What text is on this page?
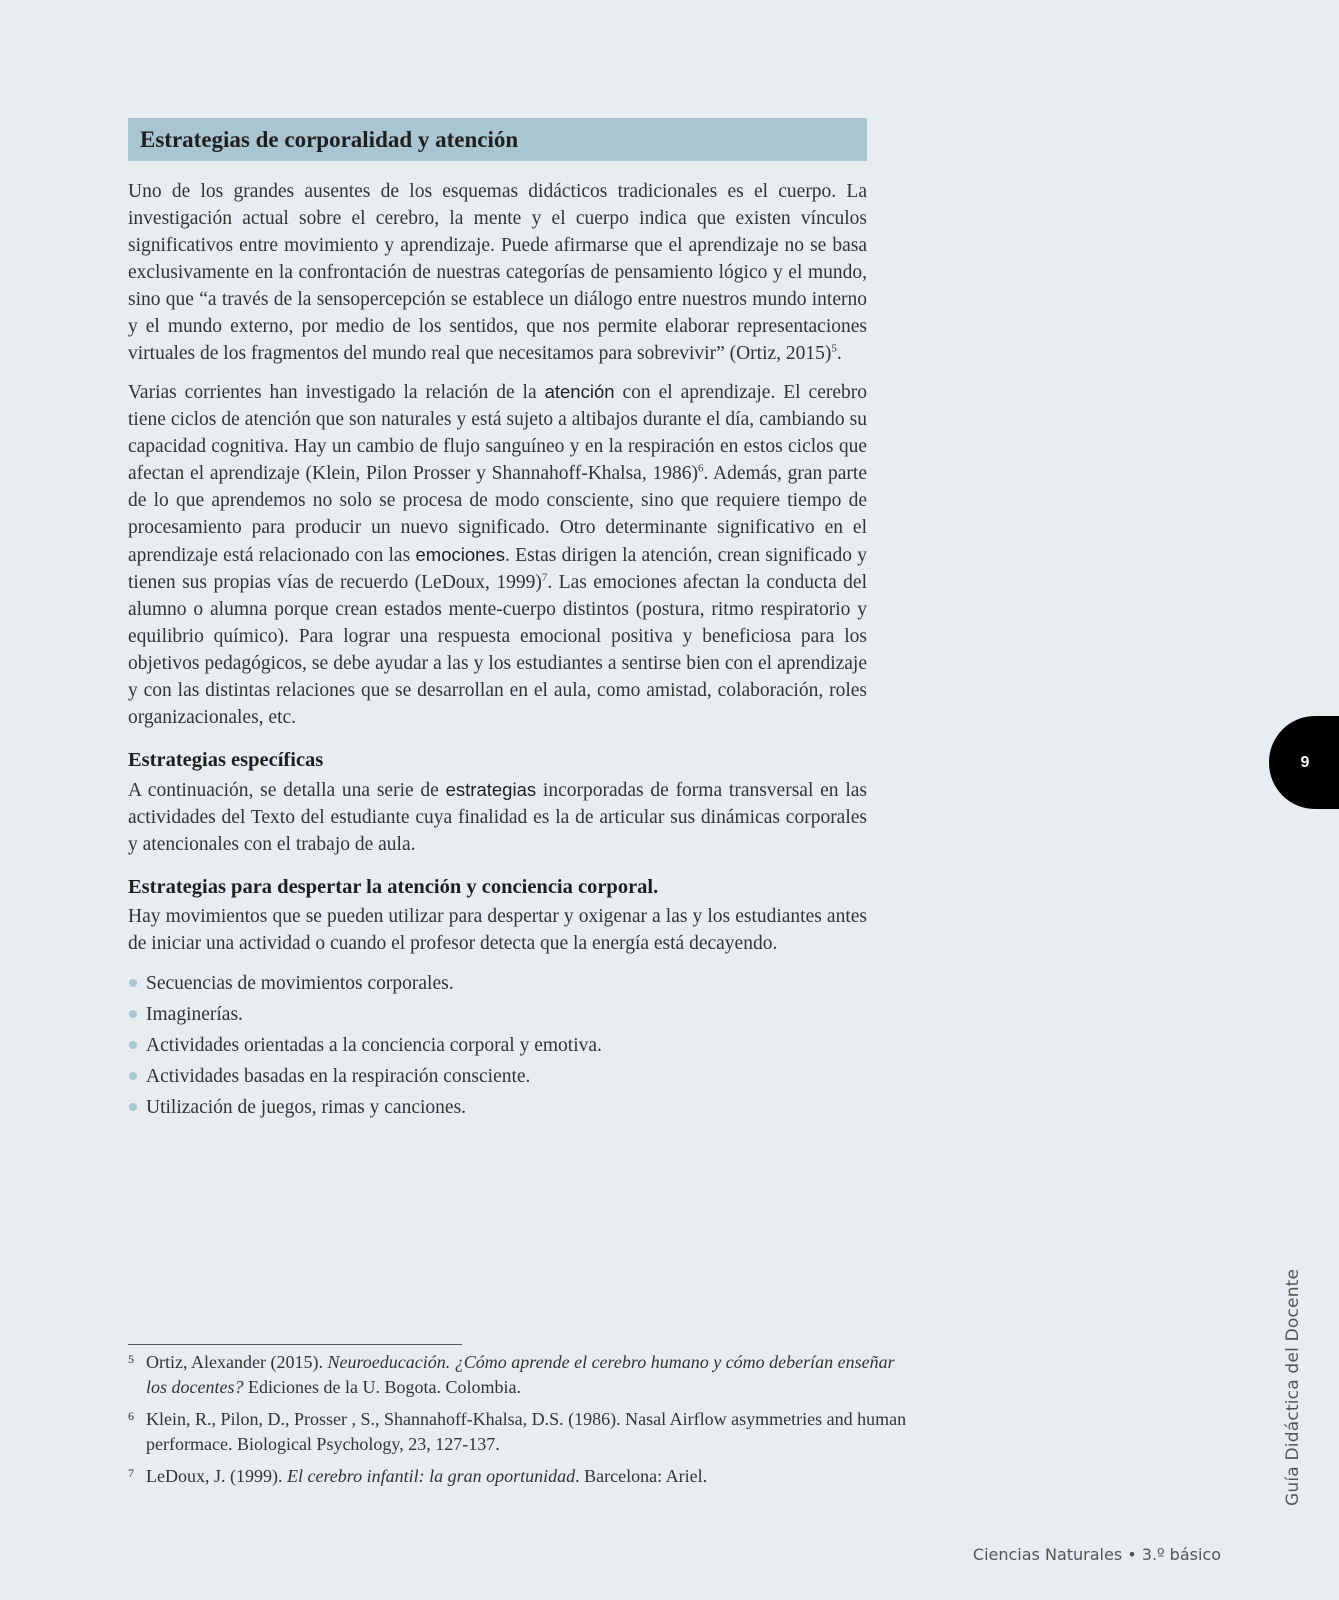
Estrategias de corporalidad y atención

Uno de los grandes ausentes de los esquemas didácticos tradicionales es el cuerpo. La investigación actual sobre el cerebro, la mente y el cuerpo indica que existen vínculos significativos entre movimiento y aprendizaje. Puede afirmarse que el aprendizaje no se basa exclusivamente en la confrontación de nuestras categorías de pensamiento lógico y el mundo, sino que “a través de la sensopercepción se establece un diálogo entre nuestros mundo interno y el mundo externo, por medio de los sentidos, que nos permite elaborar representaciones virtuales de los fragmentos del mundo real que necesitamos para sobrevivir” (Ortiz, 2015)$^5$.

Varias corrientes han investigado la relación de la atención con el aprendizaje. El cerebro tiene ciclos de atención que son naturales y está sujeto a altibajos durante el día, cambiando su capacidad cognitiva. Hay un cambio de flujo sanguíneo y en la respiración en estos ciclos que afectan el aprendizaje (Klein, Pilon Prosser y Shannahoff-Khalsa, 1986)$^6$. Además, gran parte de lo que aprendemos no solo se procesa de modo consciente, sino que requiere tiempo de procesamiento para producir un nuevo significado. Otro determinante significativo en el aprendizaje está relacionado con las emociones. Estas dirigen la atención, crean significado y tienen sus propias vías de recuerdo (LeDoux, 1999)$^7$. Las emociones afectan la conducta del alumno o alumna porque crean estados mente-cuerpo distintos (postura, ritmo respiratorio y equilibrio químico). Para lograr una respuesta emocional positiva y beneficiosa para los objetivos pedagógicos, se debe ayudar a las y los estudiantes a sentirse bien con el aprendizaje y con las distintas relaciones que se desarrollan en el aula, como amistad, colaboración, roles organizacionales, etc.

Estrategias específicas

A continuación, se detalla una serie de estrategias incorporadas de forma transversal en las actividades del Texto del estudiante cuya finalidad es la de articular sus dinámicas corporales y atencionales con el trabajo de aula.

Estrategias para despertar la atención y conciencia corporal.

Hay movimientos que se pueden utilizar para despertar y oxigenar a las y los estudiantes antes de iniciar una actividad o cuando el profesor detecta que la energía está decayendo.

Secuencias de movimientos corporales.
Imaginerías.
Actividades orientadas a la conciencia corporal y emotiva.
Actividades basadas en la respiración consciente.
Utilización de juegos, rimas y canciones.
5 Ortiz, Alexander (2015). Neuroeducación. ¿Cómo aprende el cerebro humano y cómo deberían enseñar los docentes? Ediciones de la U. Bogota. Colombia.
6 Klein, R., Pilon, D., Prosser , S., Shannahoff-Khalsa, D.S. (1986). Nasal Airflow asymmetries and human performace. Biological Psychology, 23, 127-137.
7 LeDoux, J. (1999). El cerebro infantil: la gran oportunidad. Barcelona: Ariel.
9
Guía Didáctica del Docente
Ciencias Naturales • 3.º básico
